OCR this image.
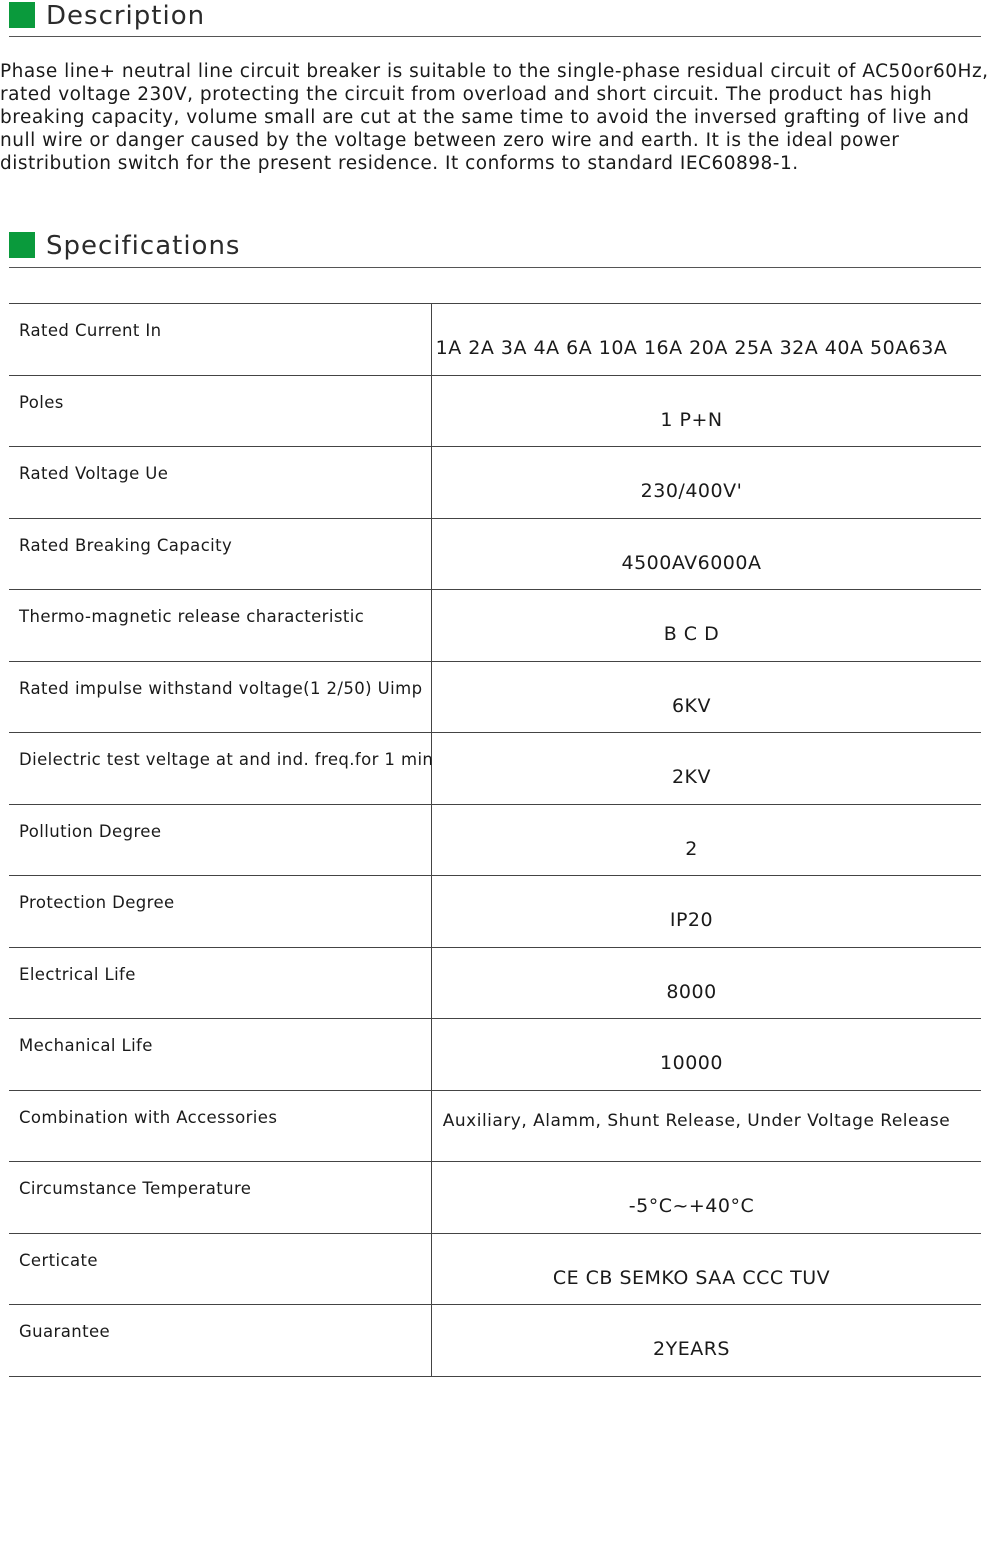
Description
Phase line+ neutral line circuit breaker is suitable to the single-phase residual circuit of AC50or60Hz,
rated voltage 230V, protecting the circuit from overload and short circuit. The product has high
breaking capacity, volume small are cut at the same time to avoid the inversed grafting of live and
null wire or danger caused by the voltage between zero wire and earth. It is the ideal power
distribution switch for the present residence. It conforms to standard IEC60898-1.
Specifications
Rated Current In
1A 2A 3A 4A 6A 10A 16A 20A 25A 32A 40A 50A63A
Poles
1 P+N
Rated Voltage Ue
230/400V'
Rated Breaking Capacity
4500AV6000A
Thermo-magnetic release characteristic
B C D
Rated impulse withstand voltage(1 2/50) Uimp
6KV
Dielectric test veltage at and ind. freq.for 1 min
2KV
Pollution Degree
2
Protection Degree
IP20
Electrical Life
8000
Mechanical Life
10000
Combination with Accessories	Auxiliary, Alamm, Shunt Release, Under Voltage Release
Circumstance Temperature
-5°C~+40°C
Certicate
CE CB SEMKO SAA CCC TUV
Guarantee
2YEARS
